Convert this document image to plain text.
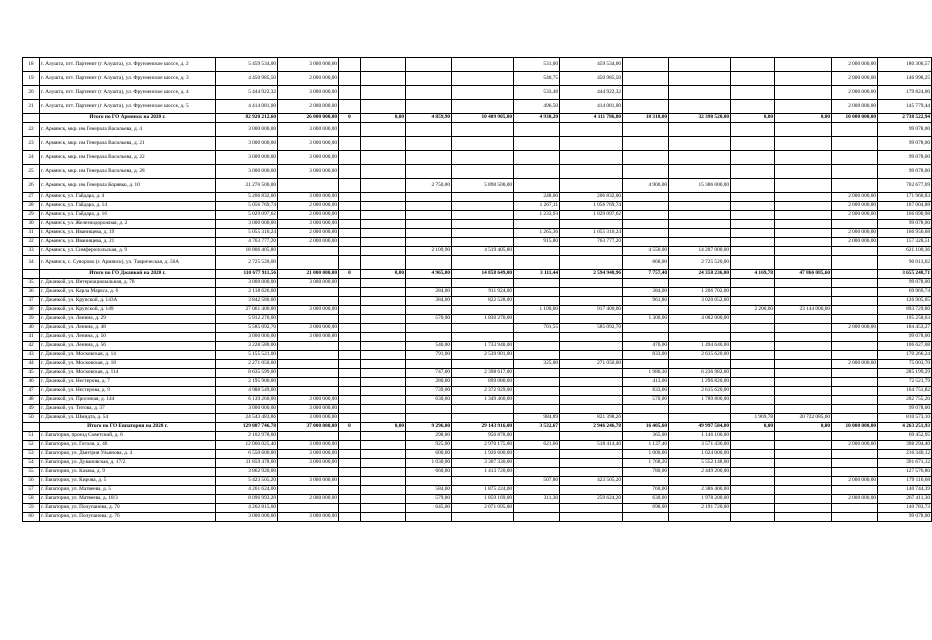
18	г. Алушта, пгт. Партенит (г Алушта), ул. Фрунзенское шоссе, д. 2	5 459 534,00	3 000 000,00					531,00	459 534,00					2 000 000,00	180 306,57
19	г. Алушта, пгт. Партенит (г Алушта), ул. Фрунзенское шоссе, д. 3	4 450 985,50	2 000 000,00					540,75	450 985,50					2 000 000,00	146 998,25
20	г. Алушта, пгт. Партенит (г Алушта), ул. Фрунзенское шоссе, д. 4	5 444 922,32	3 000 000,00					533,48	444 922,32					2 000 000,00	179 824,00
21	г. Алушта, пгт. Партенит (г Алушта), ул. Фрунзенское шоссе, д. 5	4 414 081,00	2 000 000,00					496,50	414 081,00					2 000 000,00	145 779,44
	Итого по ГО Армянск на 2020 г.	82 920 212,60	26 000 000,00	0	0,00	4 859,90	10 409 905,80	4 930,20	4 111 786,80	10 318,00	32 398 520,00	0,00	0,00	10 000 000,00	2 738 522,94
22	г. Армянск, мкр. им Генерала Васильева, д. 4	3 000 000,00	3 000 000,00												99 078,00
23	г. Армянск, мкр. им Генерала Васильева, д. 21	3 000 000,00	3 000 000,00												99 078,00
24	г. Армянск, мкр. им Генерала Васильева, д. 22	3 000 000,00	3 000 000,00												99 078,00
25	г. Армянск, мкр. им Генерала Васильева, д. 28	3 000 000,00	3 000 000,00												99 078,00
26	г. Армянск, мкр. им Генерала Корявко, д. 10	21 276 500,00				2 750,00	5 890 500,00			4 900,00	15 386 000,00				702 677,69
27	г. Армянск, ул. Гайдара, д. 4	5 206 832,00	3 000 000,00					248,00	206 832,00					2 000 000,00	171 960,83
28	г. Армянск, ул. Гайдара, д. 14	5 056 769,74	2 000 000,00					1 267,11	1 056 769,74					2 000 000,00	167 004,88
29	г. Армянск, ул. Гайдара, д. 16	5 029 097,62	2 000 000,00					1 233,93	1 029 097,62					2 000 000,00	166 090,98
30	г. Армянск, ул. Железнодорожная, д. 2	3 000 000,00	3 000 000,00												99 078,00
31	г. Армянск, ул. Иванищева, д. 19	5 055 310,24	2 000 000,00					1 265,36	1 055 310,24					2 000 000,00	166 956,68
32	г. Армянск, ул. Иванищева, д. 21	4 763 777,20	2 000 000,00					915,80	763 777,20					2 000 000,00	157 328,51
33	г. Армянск, ул. Симферопольская, д. 9	18 806 405,80				2 109,90	4 519 405,80			4 550,00	14 287 000,00				621 100,36
34	г. Армянск, с. Суворово (г. Армянск), ул. Таврическая, д. 56А	2 725 520,00								868,00	2 725 520,00				90 013,02
	Итого по ГО Джанкой на 2020 г.	110 677 911,56	21 000 000,00	0	0,00	4 965,00	14 858 649,00	3 111,44	2 594 940,96	7 757,40	24 358 236,00	4 169,78	47 866 085,60		3 655 248,71
35	г. Джанкой, ул. Интернациональная, д. 78	3 000 000,00	3 000 000,00												99 078,00
36	г. Джанкой, ул. Карла Маркса, д. 6	2 118 626,00				284,00	911 924,00			384,00	1 206 702,00				69 969,74
37	г. Джанкой, ул. Крупской, д. 143А	3 842 580,00				384,00	822 528,00			961,80	3 020 052,00				126 905,05
38	г. Джанкой, ул. Крупской, д. 149	27 061 400,00	3 000 000,00					1 100,00	917 400,00			2 200,00	23 144 000,00		893 729,80
39	г. Джанкой, ул. Ленина, д. 29	5 912 270,00				570,00	1 830 270,00			1 300,00	4 082 000,00				195 258,63
40	г. Джанкой, ул. Ленина, д. 48	5 585 092,70	3 000 000,00					701,55	585 092,70					2 000 000,00	184 453,27
41	г. Джанкой, ул. Ленина, д. 50	3 000 000,00	3 000 000,00												99 078,00
42	г. Джанкой, ул. Ленина, д. 56	3 228 580,00				540,00	1 733 940,00			476,00	1 494 640,00				106 627,08
43	г. Джанкой, ул. Московская, д. 14	5 155 521,00				791,00	2 539 901,00			833,00	2 615 620,00				170 266,24
44	г. Джанкой, ул. Московская, д. 18	2 271 050,00						325,00	271 050,00					2 000 000,00	75 003,70
45	г. Джанкой, ул. Московская, д. 114	8 635 599,00				747,00	2 398 617,00			1 986,30	6 236 982,00				285 199,29
46	г. Джанкой, ул. Нестерова, д. 7	2 195 900,00				280,00	899 080,00			413,00	1 296 820,00				72 521,79
47	г. Джанкой, ул. Нестерова, д. 9	4 988 549,00				739,00	2 372 929,00			833,00	2 615 620,00				164 751,82
48	г. Джанкой, ул. Просмная, д. 144	6 139 260,00	3 000 000,00			630,00	1 349 460,00			570,00	1 789 800,00				202 755,20
49	г. Джанкой, ул. Титова, д. 37	3 000 000,00	3 000 000,00												99 078,00
50	г. Джанкой, ул. Шмидта, д. 54	24 543 483,86	3 000 000,00					984,89	821 398,26			1 969,78	20 722 085,60		810 573,10
	Итого по ГО Евпатория на 2020 г.	129 087 746,78	37 000 000,00	0	0,00	9 296,00	29 143 916,00	3 532,67	2 946 246,78	16 405,60	49 997 584,00	0,00	0,00	10 000 000,00	4 263 251,93
51	г. Евпатория, проезд Советский, д. 6	2 102 978,00				298,00	956 878,00			365,00	1 146 100,00				69 452,95
52	г. Евпатория, ул. Гоголя, д. 46	12 060 025,40	3 000 000,00			925,00	2 970 175,00	621,60	518 414,40	1 137,40	3 571 436,00			2 000 000,00	398 294,40
53	г. Евпатория, ул. Дмитрия Ульянова, д. 4	6 550 600,00	3 000 000,00			600,00	1 926 600,00			1 000,00	1 624 000,00				216 340,12
54	г. Евпатория, ул. Дувановская, д. 17/2	11 859 478,00	3 000 000,00			1 030,00	3 307 330,00			1 768,20	5 552 148,00				391 671,12
55	г. Евпатория, ул. Казака, д. 9	3 862 920,00				660,00	1 413 720,00			780,00	2 449 200,00				127 576,80
56	г. Евпатория, ул. Кирова, д. 5	5 423 505,20	3 000 000,00					507,80	423 505,20					2 000 000,00	179 116,68
57	г. Евпатория, ул. Матвеева, д. 5	4 261 624,00				584,00	1 875 224,00			760,00	2 386 400,00				140 744,39
58	г. Евпатория, ул. Матвеева, д. 18/3	8 096 993,20	2 000 000,00			579,00	1 859 169,00	311,30	259 624,20	630,00	1 978 200,00			2 000 000,00	267 411,30
59	г. Евпатория, ул. Полупанова, д. 70	4 262 815,00				645,00	2 071 095,00			698,00	2 191 720,00				140 783,73
60	г. Евпатория, ул. Полупанова, д. 76	3 000 000,00	3 000 000,00												99 078,00
